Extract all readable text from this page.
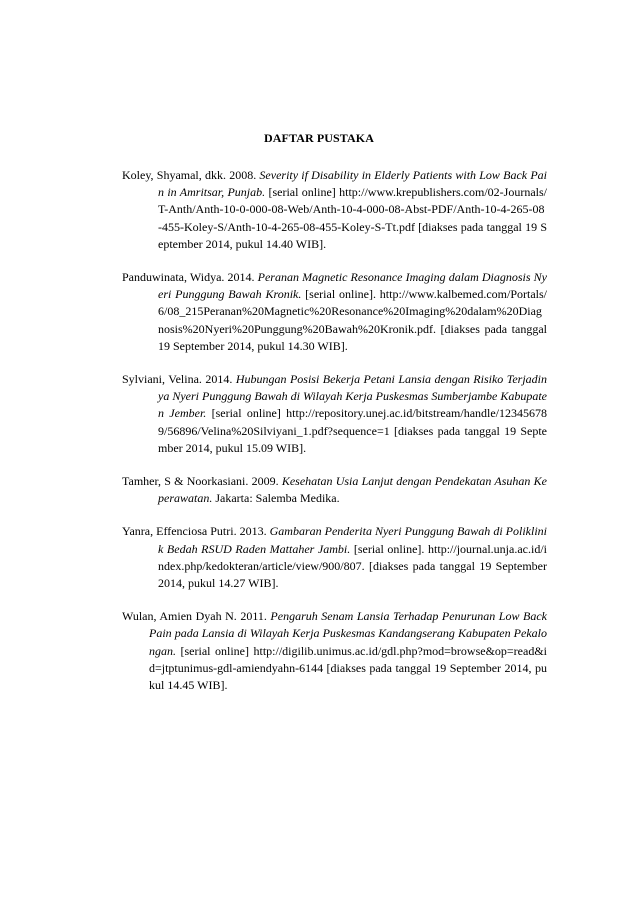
DAFTAR PUSTAKA

Koley, Shyamal, dkk. 2008. Severity if Disability in Elderly Patients with Low Back Pain in Amritsar, Punjab. [serial online] http://www.krepublishers.com/02-Journals/T-Anth/Anth-10-0-000-08-Web/Anth-10-4-000-08-Abst-PDF/Anth-10-4-265-08-455-Koley-S/Anth-10-4-265-08-455-Koley-S-Tt.pdf [diakses pada tanggal 19 September 2014, pukul 14.40 WIB].

Panduwinata, Widya. 2014. Peranan Magnetic Resonance Imaging dalam Diagnosis Nyeri Punggung Bawah Kronik. [serial online]. http://www.kalbemed.com/Portals/6/08_215Peranan%20Magnetic%20Resonance%20Imaging%20dalam%20Diagnosis%20Nyeri%20Punggung%20Bawah%20Kronik.pdf. [diakses pada tanggal 19 September 2014, pukul 14.30 WIB].

Sylviani, Velina. 2014. Hubungan Posisi Bekerja Petani Lansia dengan Risiko Terjadinya Nyeri Punggung Bawah di Wilayah Kerja Puskesmas Sumberjambe Kabupaten Jember. [serial online] http://repository.unej.ac.id/bitstream/handle/123456789/56896/Velina%20Silviyani_1.pdf?sequence=1 [diakses pada tanggal 19 September 2014, pukul 15.09 WIB].

Tamher, S & Noorkasiani. 2009. Kesehatan Usia Lanjut dengan Pendekatan Asuhan Keperawatan. Jakarta: Salemba Medika.

Yanra, Effenciosa Putri. 2013. Gambaran Penderita Nyeri Punggung Bawah di Poliklinik Bedah RSUD Raden Mattaher Jambi. [serial online]. http://journal.unja.ac.id/index.php/kedokteran/article/view/900/807. [diakses pada tanggal 19 September 2014, pukul 14.27 WIB].

Wulan, Amien Dyah N. 2011. Pengaruh Senam Lansia Terhadap Penurunan Low Back Pain pada Lansia di Wilayah Kerja Puskesmas Kandangserang Kabupaten Pekalongan. [serial online] http://digilib.unimus.ac.id/gdl.php?mod=browse&op=read&id=jtptunimus-gdl-amiendyahn-6144 [diakses pada tanggal 19 September 2014, pukul 14.45 WIB].
